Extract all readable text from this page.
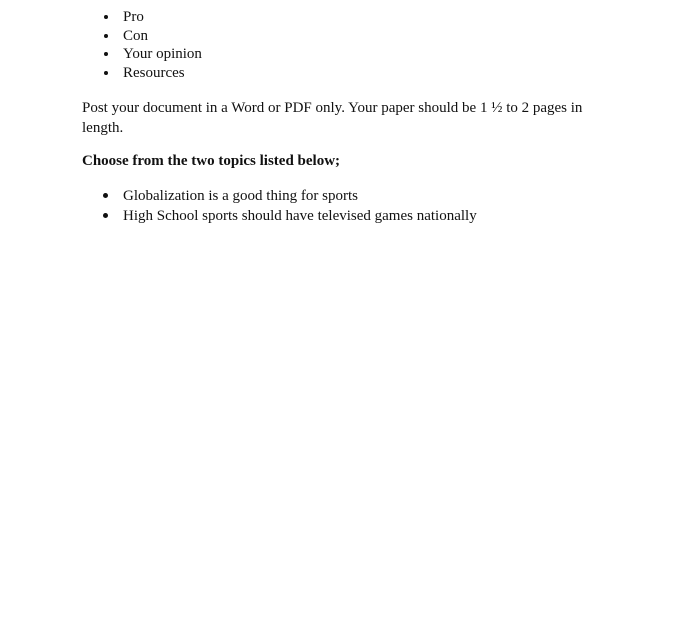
Pro
Con
Your opinion
Resources

Post your document in a Word or PDF only. Your paper should be 1 ½ to 2 pages in length.

Choose from the two topics listed below;

Globalization is a good thing for sports
High School sports should have televised games nationally
